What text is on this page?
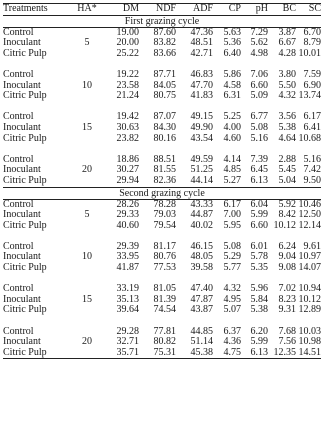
Treatments	HA*	DM	NDF	ADF	CP	pH	BC	SC
First grazing cycle								
Control		19.00	87.60	47.36	5.63	7.29	3.87	6.70
Inoculant	5	20.00	83.82	48.51	5.36	5.62	6.67	8.79
Citric Pulp		25.22	83.66	42.71	6.40	4.98	4.28	10.01

Control		19.22	87.71	46.83	5.86	7.06	3.80	7.59
Inoculant	10	23.58	84.05	47.70	4.58	6.60	5.50	6.90
Citric Pulp		21.24	80.75	41.83	6.31	5.09	4.32	13.74

Control		19.42	87.07	49.15	5.25	6.77	3.56	6.17
Inoculant	15	30.63	84.30	49.90	4.00	5.08	5.38	6.41
Citric Pulp		23.82	80.16	43.54	4.60	5.16	4.64	10.68

Control		18.86	88.51	49.59	4.14	7.39	2.88	5.16
Inoculant	20	30.27	81.55	51.25	4.85	6.45	5.45	7.42
Citric Pulp		29.94	82.36	44.14	5.27	6.13	5.04	9.50
Second grazing cycle								
Control		28.26	78.28	43.33	6.17	6.04	5.92	10.46
Inoculant	5	29.33	79.03	44.87	7.00	5.99	8.42	12.50
Citric Pulp		40.60	79.54	40.02	5.95	6.60	10.12	12.14

Control		29.39	81.17	46.15	5.08	6.01	6.24	9.61
Inoculant	10	33.95	80.76	48.05	5.29	5.78	9.04	10.97
Citric Pulp		41.87	77.53	39.58	5.77	5.35	9.08	14.07

Control		33.19	81.05	47.40	4.32	5.96	7.02	10.94
Inoculant	15	35.13	81.39	47.87	4.95	5.84	8.23	10.12
Citric Pulp		39.64	74.54	43.87	5.07	5.38	9.31	12.89

Control		29.28	77.81	44.85	6.37	6.20	7.68	10.03
Inoculant	20	32.71	80.82	51.14	4.36	5.99	7.56	10.98
Citric Pulp		35.71	75.31	45.38	4.75	6.13	12.35	14.51
